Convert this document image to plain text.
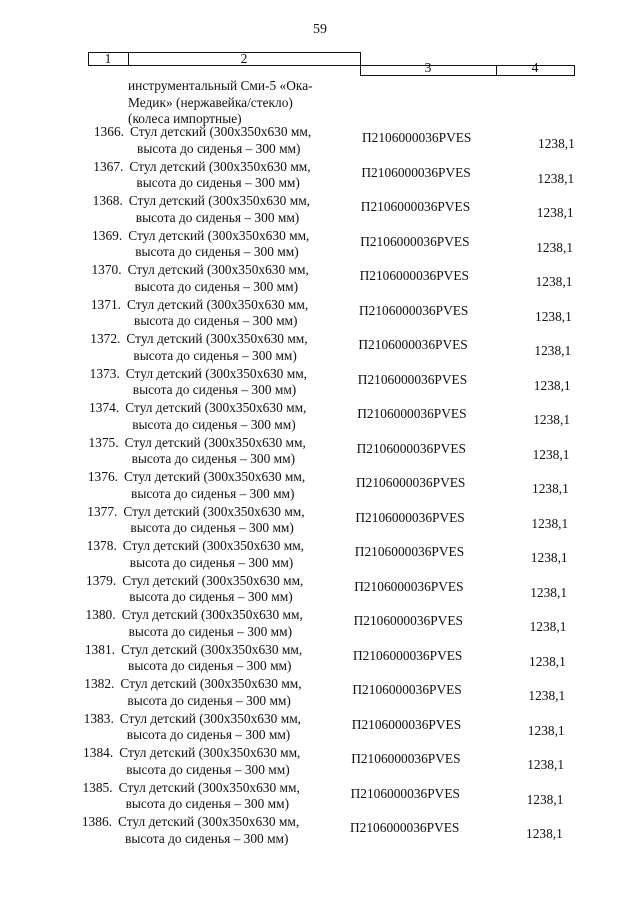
59
1	2
3	4
инструментальный Сми-5 «Ока-
Медик» (нержавейка/стекло)
(колеса импортные)
1366. Стул детский (300х350х630 мм,
высота до сиденья – 300 мм)
П2106000036PVES	1238,1
1367. Стул детский (300х350х630 мм,
высота до сиденья – 300 мм)
П2106000036PVES	1238,1
1368. Стул детский (300х350х630 мм,
высота до сиденья – 300 мм)
П2106000036PVES	1238,1
1369. Стул детский (300х350х630 мм,
высота до сиденья – 300 мм)
П2106000036PVES	1238,1
1370. Стул детский (300х350х630 мм,
высота до сиденья – 300 мм)
П2106000036PVES	1238,1
1371. Стул детский (300х350х630 мм,
высота до сиденья – 300 мм)
П2106000036PVES	1238,1
1372. Стул детский (300х350х630 мм,
высота до сиденья – 300 мм)
П2106000036PVES	1238,1
1373. Стул детский (300х350х630 мм,
высота до сиденья – 300 мм)
П2106000036PVES	1238,1
1374. Стул детский (300х350х630 мм,
высота до сиденья – 300 мм)
П2106000036PVES	1238,1
1375. Стул детский (300х350х630 мм,
высота до сиденья – 300 мм)
П2106000036PVES	1238,1
1376. Стул детский (300х350х630 мм,
высота до сиденья – 300 мм)
П2106000036PVES	1238,1
1377. Стул детский (300х350х630 мм,
высота до сиденья – 300 мм)
П2106000036PVES	1238,1
1378. Стул детский (300х350х630 мм,
высота до сиденья – 300 мм)
П2106000036PVES	1238,1
1379. Стул детский (300х350х630 мм,
высота до сиденья – 300 мм)
П2106000036PVES	1238,1
1380. Стул детский (300х350х630 мм,
высота до сиденья – 300 мм)
П2106000036PVES	1238,1
1381. Стул детский (300х350х630 мм,
высота до сиденья – 300 мм)
П2106000036PVES	1238,1
1382. Стул детский (300х350х630 мм,
высота до сиденья – 300 мм)
П2106000036PVES	1238,1
1383. Стул детский (300х350х630 мм,
высота до сиденья – 300 мм)
П2106000036PVES	1238,1
1384. Стул детский (300х350х630 мм,
высота до сиденья – 300 мм)
П2106000036PVES	1238,1
1385. Стул детский (300х350х630 мм,
высота до сиденья – 300 мм)
П2106000036PVES	1238,1
1386. Стул детский (300х350х630 мм,
высота до сиденья – 300 мм)
П2106000036PVES	1238,1
